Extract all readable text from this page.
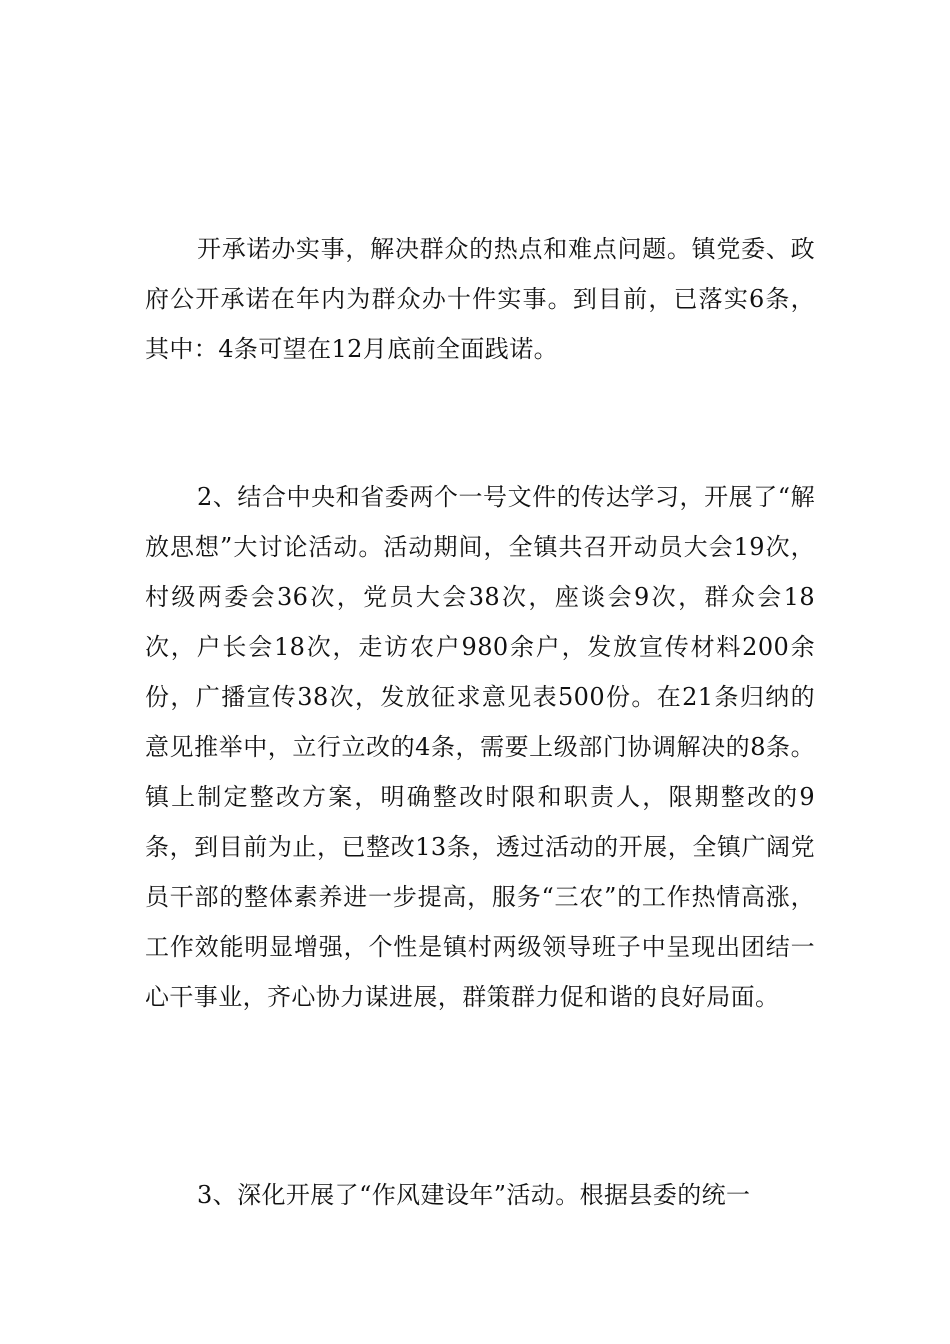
开承诺办实事，解决群众的热点和难点问题。镇党委、政府公开承诺在年内为群众办十件实事。到目前，已落实6条，其中：4条可望在12月底前全面践诺。

2、结合中央和省委两个一号文件的传达学习，开展了“解放思想”大讨论活动。活动期间，全镇共召开动员大会19次，村级两委会36次，党员大会38次，座谈会9次，群众会18次，户长会18次，走访农户980余户，发放宣传材料200余份，广播宣传38次，发放征求意见表500份。在21条归纳的意见推举中，立行立改的4条，需要上级部门协调解决的8条。镇上制定整改方案，明确整改时限和职责人，限期整改的9条，到目前为止，已整改13条，透过活动的开展，全镇广阔党员干部的整体素养进一步提高，服务“三农”的工作热情高涨，工作效能明显增强，个性是镇村两级领导班子中呈现出团结一心干事业，齐心协力谋进展，群策群力促和谐的良好局面。

3、深化开展了“作风建设年”活动。根据县委的统一
